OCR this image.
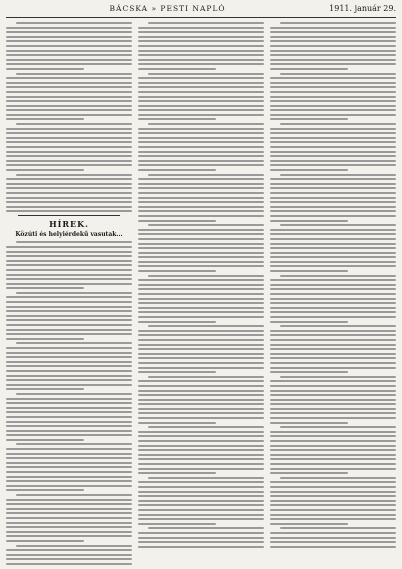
BÁCSKA » PESTI NAPLÓ	1911. január 29.
HÍREK.
Közúti és helyiérdekű vasutak...
